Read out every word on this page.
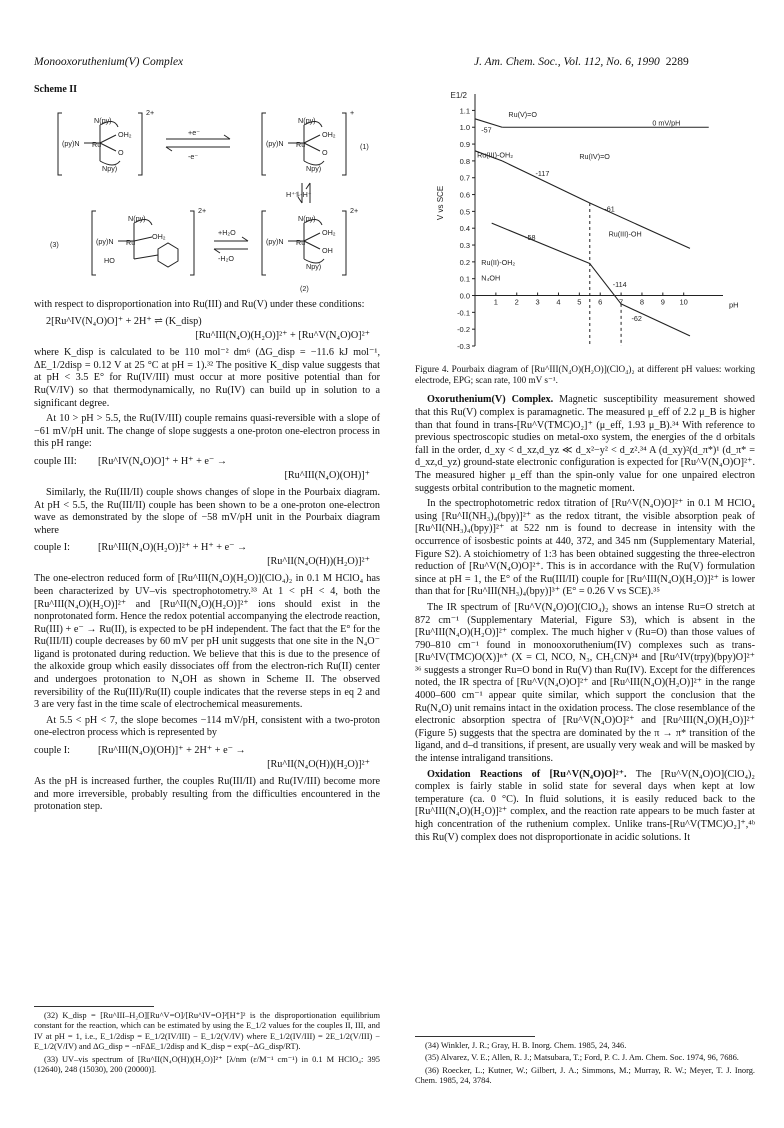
Monooxoruthenium(V) Complex	J. Am. Chem. Soc., Vol. 112, No. 6, 1990 2289
Scheme II
N(py)
(py)N Ru
OH₂
Npy)
O
OH₂
N(py)
(py)N Ru
Npy)
O
HO
N(py)
(py)N Ru
OH₂
N(py)
(py)N Ru
OH₂
OH
Npy)
2+	+
2+	2+
+e⁻
-e⁻
H⁺⥮-H⁺
+H₂O
-H₂O
(1)
(3)
(2)

with respect to disproportionation into Ru(III) and Ru(V) under these conditions:

2[Ru^IV(N₄O)O]⁺ + 2H⁺ ⇌ (K_disp)
[Ru^III(N₄O)(H₂O)]²⁺ + [Ru^V(N₄O)O]²⁺

where K_disp is calculated to be 110 mol⁻² dm⁶ (ΔG_disp = −11.6 kJ mol⁻¹, ΔE_1/2disp = 0.12 V at 25 °C at pH = 1).³² The positive K_disp value suggests that at pH < 3.5 E° for Ru(IV/III) must occur at more positive potential than for Ru(V/IV) so that thermodynamically, no Ru(IV) can build up in solution to a significant degree.

At 10 > pH > 5.5, the Ru(IV/III) couple remains quasi-reversible with a slope of −61 mV/pH unit. The change of slope suggests a one-proton one-electron process in this pH range:

couple III: [Ru^IV(N₄O)O]⁺ + H⁺ + e⁻ →
[Ru^III(N₄O)(OH)]⁺

Similarly, the Ru(III/II) couple shows changes of slope in the Pourbaix diagram. At pH < 5.5, the Ru(III/II) couple has been shown to be a one-proton one-electron wave as demonstrated by the slope of −58 mV/pH unit in the Pourbaix diagram where

couple I:	[Ru^III(N₄O)(H₂O)]²⁺ + H⁺ + e⁻ →
[Ru^II(N₄O(H))(H₂O)]²⁺

The one-electron reduced form of [Ru^III(N₄O)(H₂O)](ClO₄)₂ in 0.1 M HClO₄ has been characterized by UV–vis spectrophotometry.³³ At 1 < pH < 4, both the [Ru^III(N₄O)(H₂O)]²⁺ and [Ru^II(N₄O)(H₂O)]²⁺ ions should exist in the nonprotonated form. Hence the redox potential accompanying the electrode reaction, Ru(III) + e⁻ → Ru(II), is expected to be pH independent. The fact that the E° for the Ru(III/II) couple decreases by 60 mV per pH unit suggests that one site in the N₄O⁻ ligand is protonated during reduction. We believe that this is due to the presence of the alkoxide group which easily dissociates off from the electron-rich Ru(II) center and undergoes protonation to N₄OH as shown in Scheme II. The observed reversibility of the Ru(III)/Ru(II) couple indicates that the reverse steps in eq 2 and 3 are very fast in the time scale of electrochemical measurements.

At 5.5 < pH < 7, the slope becomes −114 mV/pH, consistent with a two-proton one-electron process which is represented by

couple I:	[Ru^III(N₄O)(OH)]⁺ + 2H⁺ + e⁻ →
[Ru^II(N₄O(H))(H₂O)]²⁺

As the pH is increased further, the couples Ru(III/II) and Ru(IV/III) become more and more irreversible, probably resulting from the difficulties encountered in the protonation step.

(32) K_disp = [Ru^III–H₂O][Ru^V=O]/[Ru^IV=O]²[H⁺]² is the disproportionation equilibrium constant for the reaction, which can be estimated by using the E_1/2 values for the couples II, III, and IV at pH = 1, i.e., E_1/2disp = E_1/2(IV/III) − E_1/2(V/IV) where E_1/2(IV/III) = 2E_1/2(V/III) − E_1/2(V/IV) and ΔG_disp = −nFΔE_1/2disp and K_disp = exp(−ΔG_disp/RT).

(33) UV–vis spectrum of [Ru^II(N₄O(H))(H₂O)]²⁺ [λ/nm (ε/M⁻¹ cm⁻¹) in 0.1 M HClO₄: 395 (12640), 248 (15030), 200 (20000)].

1.1
1.0
0.9
0.8
0.7
0.6
0.5
0.4
0.3
0.2
0.1
0.0
-0.1
-0.2
-0.3
1 2 3 4 5 6 7 8 9 10	pH
E1/2
V vs SCE
Ru(V)=O
0 mV/pH
-57
Ru(III)-OH₂	Ru(IV)=O
-117
-61
Ru(III)-OH
-58
Ru(II)-OH₂
N₄OH
-114
-62
Figure 4. Pourbaix diagram of [Ru^III(N₄O)(H₂O)](ClO₄)₂ at different pH values: working electrode, EPG; scan rate, 100 mV s⁻¹.

Oxoruthenium(V) Complex. Magnetic susceptibility measurement showed that this Ru(V) complex is paramagnetic. The measured μ_eff of 2.2 μ_B is higher than that found in trans-[Ru^V(TMC)O₂]⁺ (μ_eff, 1.93 μ_B).³⁴ With reference to previous spectroscopic studies on metal-oxo system, the energies of the d orbitals fall in the order, d_xy < d_xz,d_yz ≪ d_x²−y² < d_z².³⁴ A (d_xy)²(d_π*)¹ (d_π* = d_xz,d_yz) ground-state electronic configuration is expected for [Ru^V(N₄O)O]²⁺. The measured higher μ_eff than the spin-only value for one unpaired electron suggests orbital contribution to the magnetic moment.

In the spectrophotometric redox titration of [Ru^V(N₄O)O]²⁺ in 0.1 M HClO₄ using [Ru^II(NH₃)₄(bpy)]²⁺ as the redox titrant, the visible absorption peak of [Ru^II(NH₃)₄(bpy)]²⁺ at 522 nm is found to decrease in intensity with the occurrence of isosbestic points at 440, 372, and 345 nm (Supplementary Material, Figure S2). A stoichiometry of 1:3 has been obtained suggesting the three-electron reduction of [Ru^V(N₄O)O]²⁺. This is in accordance with the Ru(V) formulation since at pH = 1, the E° of the Ru(III/II) couple for [Ru^III(N₄O)(H₂O)]²⁺ is lower than that for [Ru^III(NH₃)₄(bpy)]³⁺ (E° = 0.26 V vs SCE).³⁵

The IR spectrum of [Ru^V(N₄O)O](ClO₄)₂ shows an intense Ru=O stretch at 872 cm⁻¹ (Supplementary Material, Figure S3), which is absent in the [Ru^III(N₄O)(H₂O)]²⁺ complex. The much higher ν (Ru=O) than those values of 790–810 cm⁻¹ found in monooxoruthenium(IV) complexes such as trans-[Ru^IV(TMC)O(X)]ⁿ⁺ (X = Cl, NCO, N₃, CH₃CN)³⁴ and [Ru^IV(trpy)(bpy)O]²⁺ ³⁶ suggests a stronger Ru=O bond in Ru(V) than Ru(IV). Except for the differences noted, the IR spectra of [Ru^V(N₄O)O]²⁺ and [Ru^III(N₄O)(H₂O)]²⁺ in the range 4000–600 cm⁻¹ appear quite similar, which support the conclusion that the Ru(N₄O) unit remains intact in the oxidation process. The close resemblance of the electronic absorption spectra of [Ru^V(N₄O)O]²⁺ and [Ru^III(N₄O)(H₂O)]²⁺ (Figure 5) suggests that the spectra are dominated by the π → π* transition of the ligand, and d–d transitions, if present, are usually very weak and will be masked by the intense intraligand transitions.

Oxidation Reactions of [Ru^V(N₄O)O]²⁺. The [Ru^V(N₄O)O](ClO₄)₂ complex is fairly stable in solid state for several days when kept at low temperature (ca. 0 °C). In fluid solutions, it is easily reduced back to the [Ru^III(N₄O)(H₂O)]²⁺ complex, and the reaction rate appears to be much faster at high concentration of the ruthenium complex. Unlike trans-[Ru^V(TMC)O₂]⁺,⁴ᵇ this Ru(V) complex does not disproportionate in acidic solutions. It

(34) Winkler, J. R.; Gray, H. B. Inorg. Chem. 1985, 24, 346.

(35) Alvarez, V. E.; Allen, R. J.; Matsubara, T.; Ford, P. C. J. Am. Chem. Soc. 1974, 96, 7686.

(36) Roecker, L.; Kutner, W.; Gilbert, J. A.; Simmons, M.; Murray, R. W.; Meyer, T. J. Inorg. Chem. 1985, 24, 3784.
